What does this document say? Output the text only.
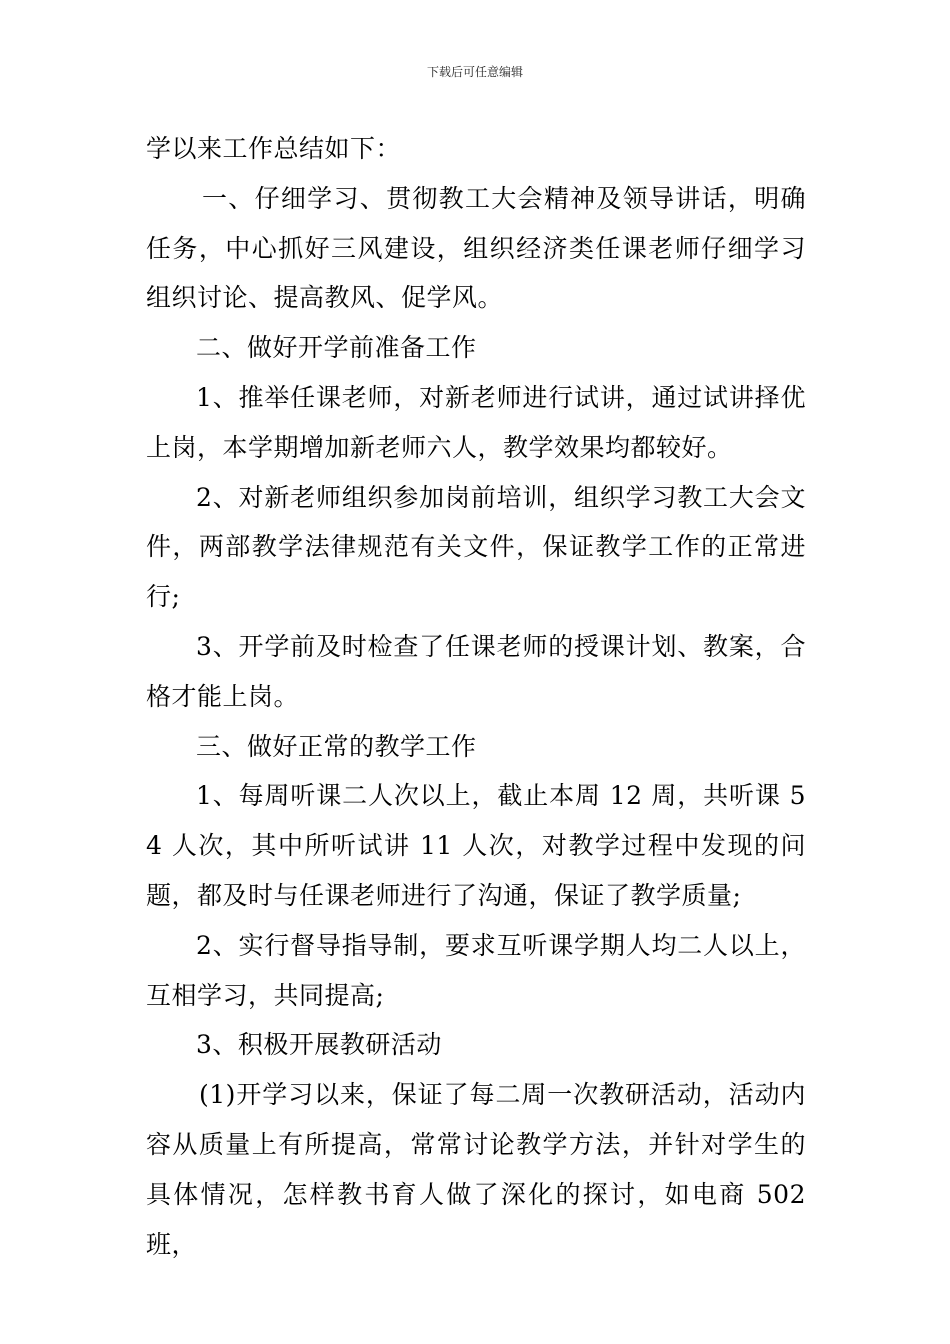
下载后可任意编辑

学以来工作总结如下：

一、仔细学习、贯彻教工大会精神及领导讲话，明确任务，中心抓好三风建设，组织经济类任课老师仔细学习组织讨论、提高教风、促学风。

二、做好开学前准备工作

1、推举任课老师，对新老师进行试讲，通过试讲择优上岗，本学期增加新老师六人，教学效果均都较好。

2、对新老师组织参加岗前培训，组织学习教工大会文件，两部教学法律规范有关文件，保证教学工作的正常进行;

3、开学前及时检查了任课老师的授课计划、教案，合格才能上岗。

三、做好正常的教学工作

1、每周听课二人次以上，截止本周 12 周，共听课 54 人次，其中所听试讲 11 人次，对教学过程中发现的问题，都及时与任课老师进行了沟通，保证了教学质量;

2、实行督导指导制，要求互听课学期人均二人以上，互相学习，共同提高;

3、积极开展教研活动

(1)开学习以来，保证了每二周一次教研活动，活动内容从质量上有所提高，常常讨论教学方法，并针对学生的具体情况，怎样教书育人做了深化的探讨，如电商 502 班，
